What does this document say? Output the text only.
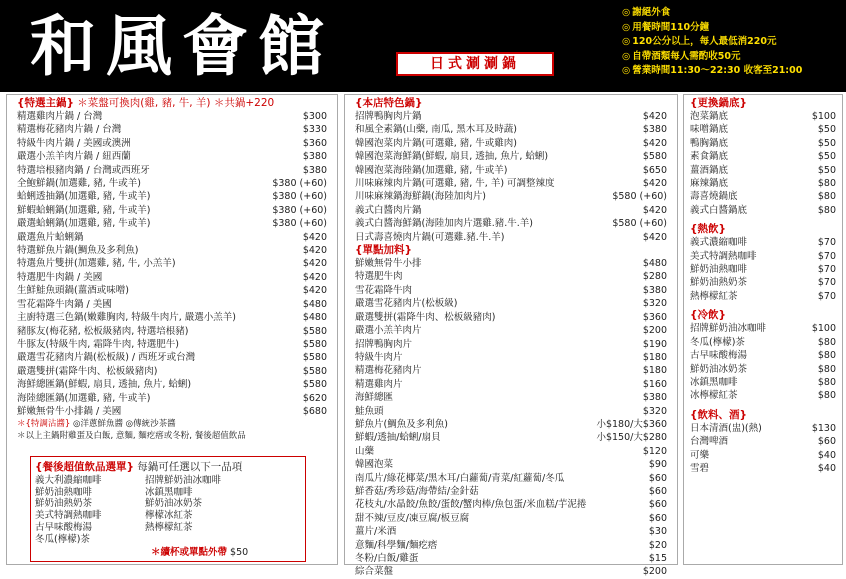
和風會館	日式涮涮鍋
◎ 謝絕外食
◎ 用餐時間110分鐘
◎ 120公分以上，每人最低消220元
◎ 自帶酒類每人需酌收50元
◎ 營業時間11:30～22:30 收客至21:00
{特選主鍋} ＊菜盤可換肉(雞, 豬, 牛, 羊) ＊共鍋+220
精選雞肉片鍋 / 台灣	$300
精選梅花豬肉片鍋 / 台灣	$330
特級牛肉片鍋 / 美國或澳洲	$360
嚴選小羔羊肉片鍋 / 紐西蘭	$380
特選培根豬肉鍋 / 台灣或西班牙	$380
全鮑鮮鍋(加選雞, 豬, 牛或羊)	$380 (+60)
蛤蜊透抽鍋(加選雞, 豬, 牛或羊)	$380 (+60)
鮮蝦蛤蜊鍋(加選雞, 豬, 牛或羊)	$380 (+60)
嚴選蛤蜊鍋(加選雞, 豬, 牛或羊)	$380 (+60)
嚴選魚片蛤蜊鍋	$420
特選鮮魚片鍋(鯛魚及多利魚)	$420
特選魚片雙拼(加選雞, 豬, 牛, 小羔羊)	$420
特選肥牛肉鍋 / 美國	$420
生鮮鮭魚頭鍋(薑酒或味噌)	$420
雪花霜降牛肉鍋 / 美國	$480
主廚特選三色鍋(嫩雞胸肉, 特級牛肉片, 嚴選小羔羊)	$480
豬豚友(梅花豬, 松板級豬肉, 特選培根豬)	$580
牛豚友(特級牛肉, 霜降牛肉, 特選肥牛)	$580
嚴選雪花豬肉片鍋(松板級) / 西班牙或台灣	$580
嚴選雙拼(霜降牛肉、松板級豬肉)	$580
海鮮總匯鍋(鮮蝦, 扇貝, 透抽, 魚片, 蛤蜊)	$580
海陸總匯鍋(加選雞, 豬, 牛或羊)	$620
鮮嫩無骨牛小排鍋 / 美國	$680
＊{特調沾醬} ◎洋蔥鮮魚醬 ◎傳統沙茶醬
＊以上主鍋附雞蛋及白飯, 意麵, 麵疙瘩或冬粉, 餐後超值飲品
{餐後超值飲品選單} 每鍋可任選以下一品項
義大利濃縮咖啡	招牌鮮奶油冰咖啡
鮮奶油熱咖啡	冰鎮黑咖啡
鮮奶油熱奶茶	鮮奶油冰奶茶
美式特調熱咖啡	檸檬冰紅茶
古早味酸梅湯	熱檸檬紅茶
冬瓜(檸檬)茶
＊續杯或單點外帶 $50
{本店特色鍋}
招牌鴨胸肉片鍋	$420
和風全素鍋(山藥, 南瓜, 黑木耳及時蔬)	$380
韓國泡菜肉片鍋(可選雞, 豬, 牛或雞肉)	$420
韓國泡菜海鮮鍋(鮮蝦, 扇貝, 透抽, 魚片, 蛤蜊)	$580
韓國泡菜海陸鍋(加選雞, 豬, 牛或羊)	$650
川味麻辣肉片鍋(可選雞, 豬, 牛, 羊) 可調整辣度	$420
川味麻辣鍋海鮮鍋(海陸加肉片)	$580 (+60)
義式白醬肉片鍋	$420
義式白醬海鮮鍋(海陸加肉片選雞.豬.牛.羊)	$580 (+60)
日式壽喜燒肉片鍋(可選雞.豬.牛.羊)	$420
{單點加料}
鮮嫩無骨牛小排	$480
特選肥牛肉	$280
雪花霜降牛肉	$380
嚴選雪花豬肉片(松板級)	$320
嚴選雙拼(霜降牛肉、松板級豬肉)	$360
嚴選小羔羊肉片	$200
招牌鴨胸肉片	$190
特級牛肉片	$180
精選梅花豬肉片	$180
精選雞肉片	$160
海鮮總匯	$380
鮭魚頭	$320
鮮魚片(鯛魚及多利魚)	小$180/大$360
鮮蝦/透抽/蛤蜊/扇貝	小$150/大$280
山藥	$120
韓國泡菜	$90
南瓜片/綠花椰菜/黑木耳/白蘿蔔/青菜/紅蘿蔔/冬瓜	$60
鮮香菇/秀珍菇/海帶結/金針菇	$60
花枝丸/水晶餃/魚餃/蛋餃/蟹肉棒/魚包蛋/米血糕/芋泥捲	$60
甜不辣/豆皮/凍豆腐/板豆腐	$60
薑片/米酒	$30
意麵/科學麵/麵疙瘩	$20
冬粉/白飯/雞蛋	$15
綜合菜盤	$200
{更換鍋底}
泡菜鍋底	$100
味噌鍋底	$50
鴨胸鍋底	$50
素食鍋底	$50
薑酒鍋底	$50
麻辣鍋底	$80
壽喜燒鍋底	$80
義式白醬鍋底	$80
{熱飲}
義式濃縮咖啡	$70
美式特調熱咖啡	$70
鮮奶油熱咖啡	$70
鮮奶油熱奶茶	$70
熱檸檬紅茶	$70
{冷飲}
招牌鮮奶油冰咖啡	$100
冬瓜(檸檬)茶	$80
古早味酸梅湯	$80
鮮奶油冰奶茶	$80
冰鎮黑咖啡	$80
冰檸檬紅茶	$80
{飲料、酒}
日本清酒(盅)(熱)	$130
台灣啤酒	$60
可樂	$40
雪碧	$40
